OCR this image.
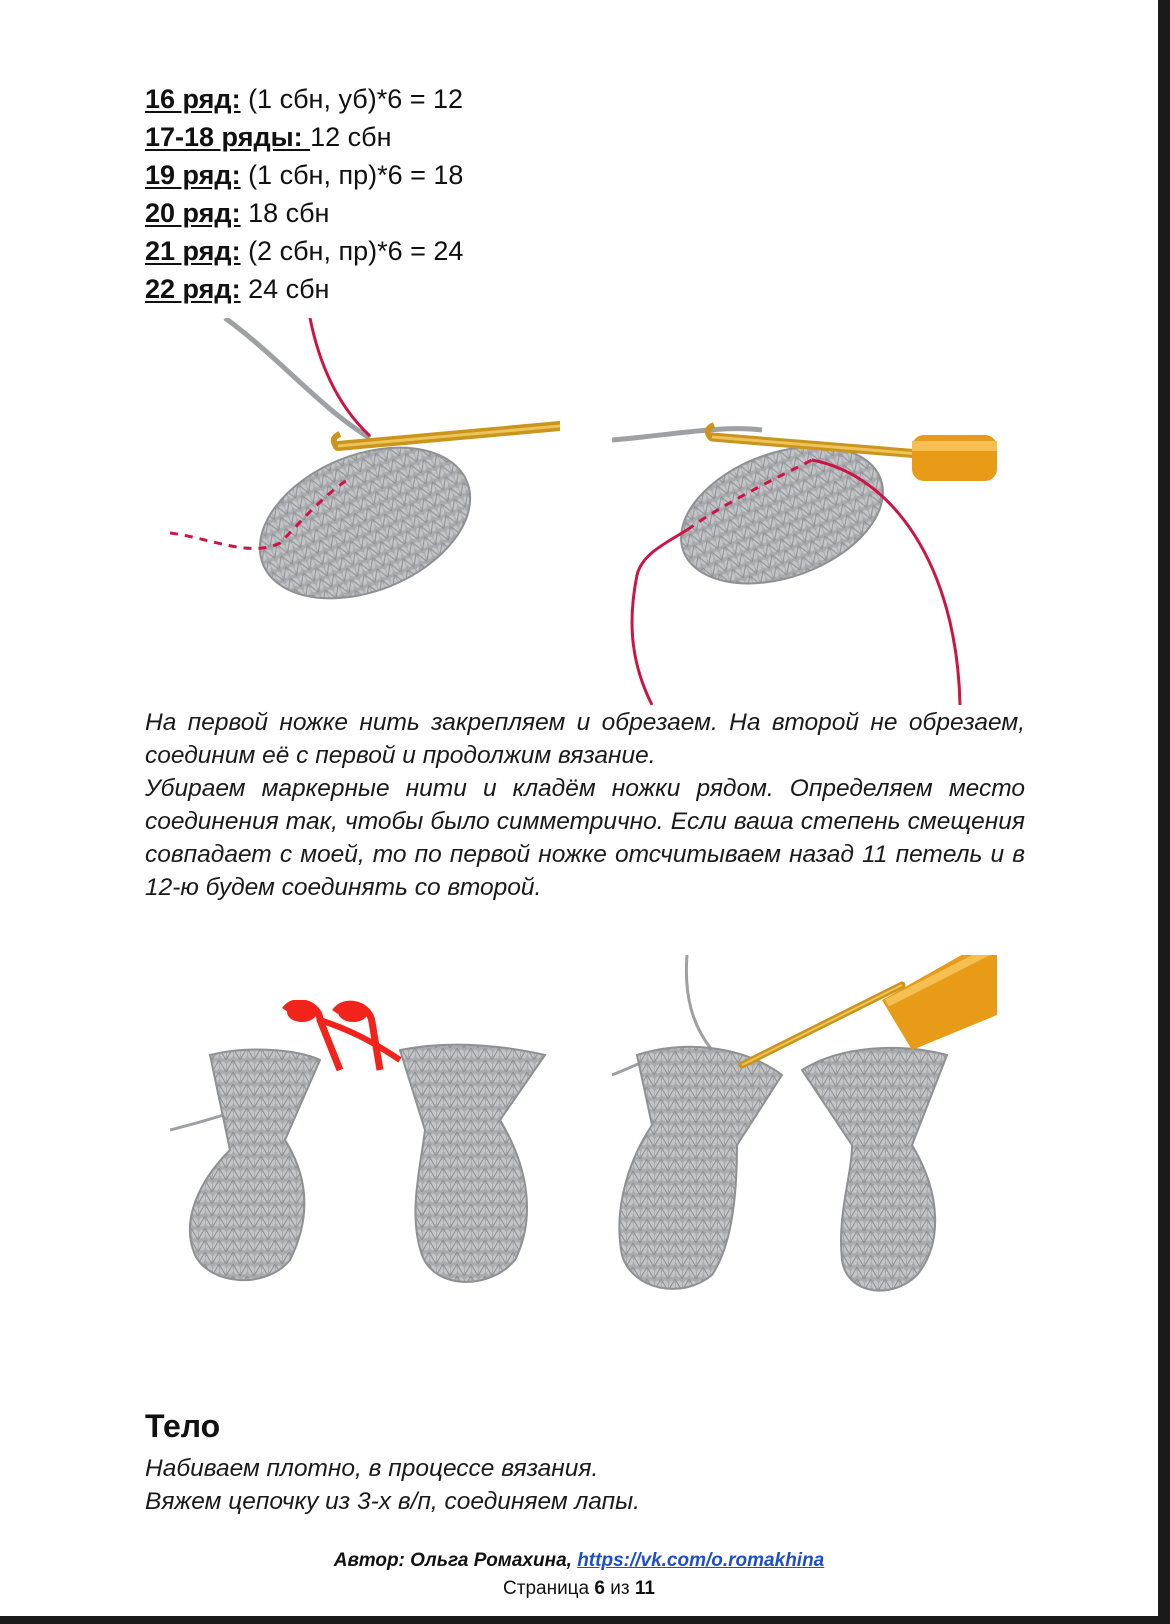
16 ряд: (1 сбн, уб)*6 = 12
17-18 ряды: 12 сбн
19 ряд: (1 сбн, пр)*6 = 18
20 ряд: 18 сбн
21 ряд: (2 сбн, пр)*6 = 24
22 ряд: 24 сбн

На первой ножке нить закрепляем и обрезаем. На второй не обрезаем, соединим её с первой и продолжим вязание.

Убираем маркерные нити и кладём ножки рядом. Определяем место соединения так, чтобы было симметрично. Если ваша степень смещения совпадает с моей, то по первой ножке отсчитываем назад 11 петель и в 12-ю будем соединять со второй.

Тело

Набиваем плотно, в процессе вязания.

Вяжем цепочку из 3-х в/п, соединяем лапы.

Автор: Ольга Ромахина, https://vk.com/o.romakhina
Страница 6 из 11
